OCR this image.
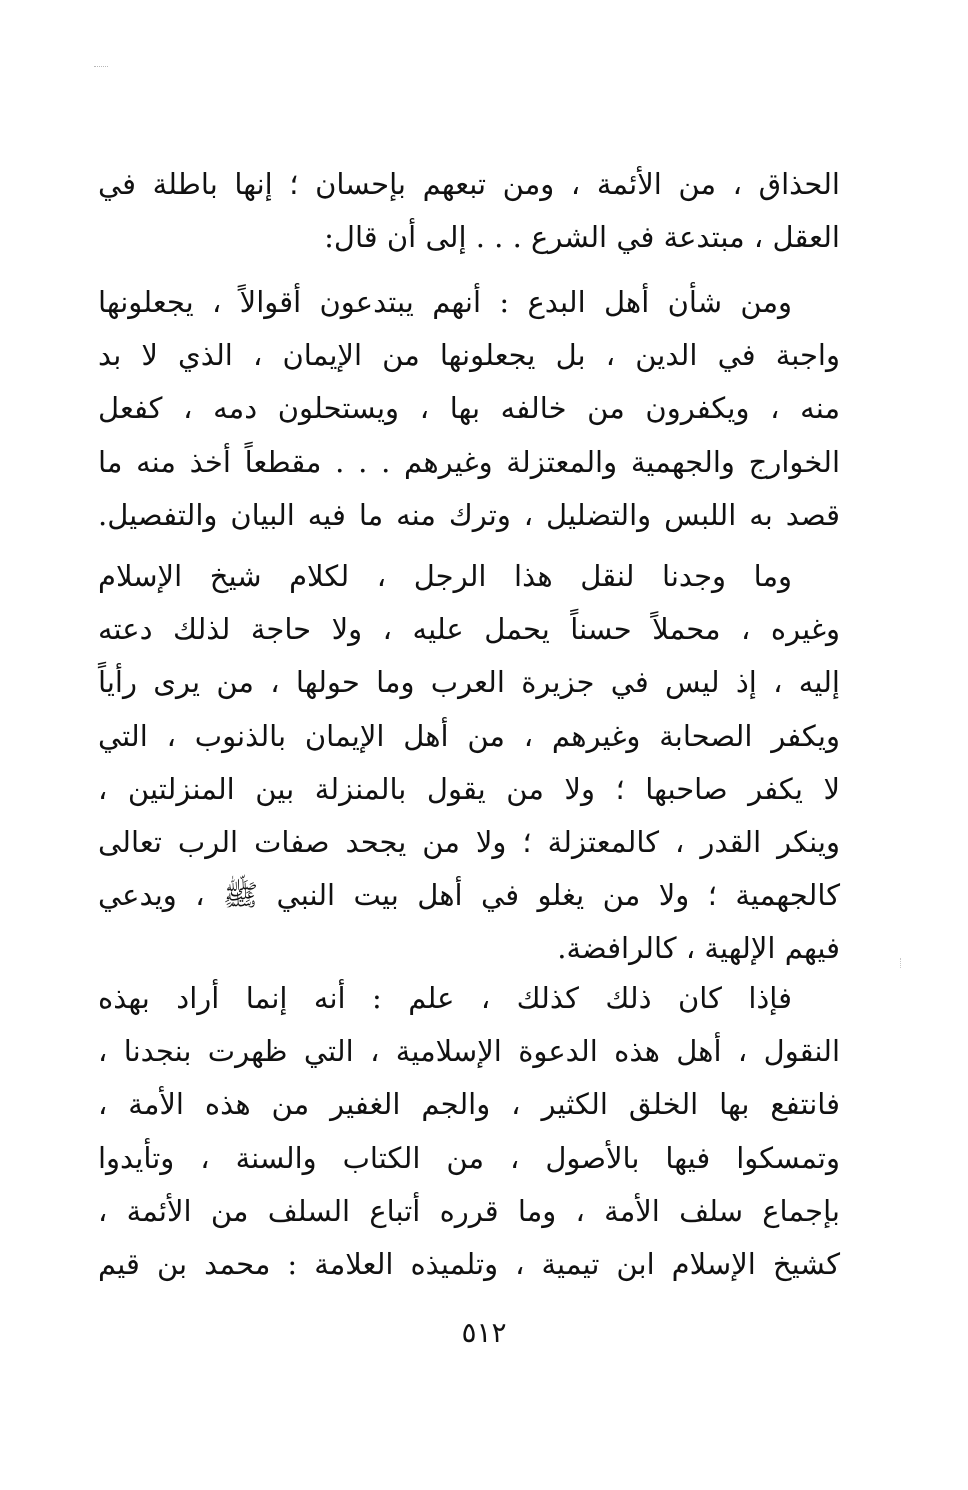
الحذاق ، من الأئمة ، ومن تبعهم بإحسان ؛ إنها باطلة في
العقل ، مبتدعة في الشرع . . . إلى أن قال:
ومن شأن أهل البدع : أنهم يبتدعون أقوالاً ، يجعلونها
واجبة في الدين ، بل يجعلونها من الإيمان ، الذي لا بد
منه ، ويكفرون من خالفه بها ، ويستحلون دمه ، كفعل
الخوارج والجهمية والمعتزلة وغيرهم . . . مقطعاً أخذ منه ما
قصد به اللبس والتضليل ، وترك منه ما فيه البيان والتفصيل.
وما وجدنا لنقل هذا الرجل ، لكلام شيخ الإسلام
وغيره ، محملاً حسناً يحمل عليه ، ولا حاجة لذلك دعته
إليه ، إذ ليس في جزيرة العرب وما حولها ، من يرى رأياً
ويكفر الصحابة وغيرهم ، من أهل الإيمان بالذنوب ، التي
لا يكفر صاحبها ؛ ولا من يقول بالمنزلة بين المنزلتين ،
وينكر القدر ، كالمعتزلة ؛ ولا من يجحد صفات الرب تعالى
كالجهمية ؛ ولا من يغلو في أهل بيت النبي ﷺ ، ويدعي
فيهم الإلهية ، كالرافضة.
فإذا كان ذلك كذلك ، علم : أنه إنما أراد بهذه
النقول ، أهل هذه الدعوة الإسلامية ، التي ظهرت بنجدنا ،
فانتفع بها الخلق الكثير ، والجم الغفير من هذه الأمة ،
وتمسكوا فيها بالأصول ، من الكتاب والسنة ، وتأيدوا
بإجماع سلف الأمة ، وما قرره أتباع السلف من الأئمة ،
كشيخ الإسلام ابن تيمية ، وتلميذه العلامة : محمد بن قيم
٥١٢
